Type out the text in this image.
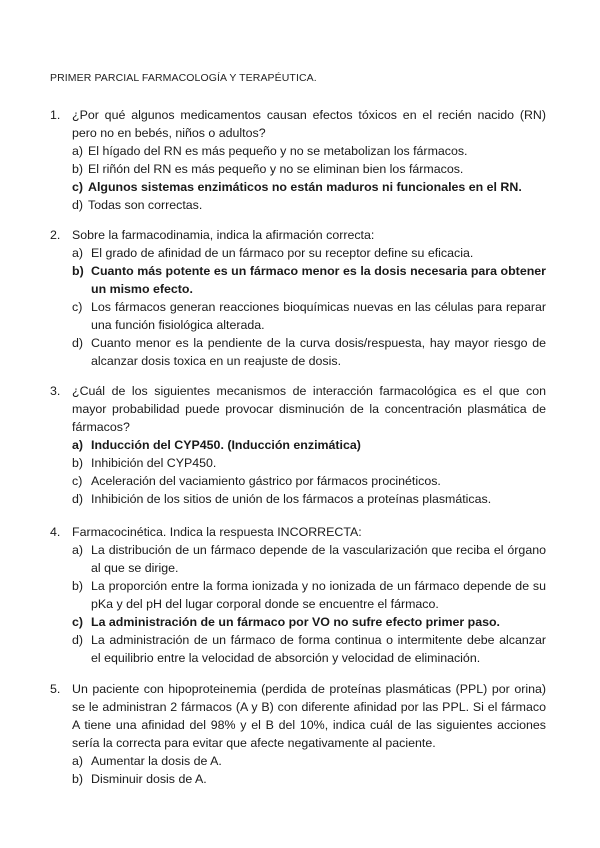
PRIMER PARCIAL FARMACOLOGÍA Y TERAPÉUTICA.
1. ¿Por qué algunos medicamentos causan efectos tóxicos en el recién nacido (RN) pero no en bebés, niños o adultos?
a) El hígado del RN es más pequeño y no se metabolizan los fármacos.
b) El riñón del RN es más pequeño y no se eliminan bien los fármacos.
c) Algunos sistemas enzimáticos no están maduros ni funcionales en el RN.
d) Todas son correctas.
2. Sobre la farmacodinamia, indica la afirmación correcta:
a) El grado de afinidad de un fármaco por su receptor define su eficacia.
b) Cuanto más potente es un fármaco menor es la dosis necesaria para obtener un mismo efecto.
c) Los fármacos generan reacciones bioquímicas nuevas en las células para reparar una función fisiológica alterada.
d) Cuanto menor es la pendiente de la curva dosis/respuesta, hay mayor riesgo de alcanzar dosis toxica en un reajuste de dosis.
3. ¿Cuál de los siguientes mecanismos de interacción farmacológica es el que con mayor probabilidad puede provocar disminución de la concentración plasmática de fármacos?
a) Inducción del CYP450. (Inducción enzimática)
b) Inhibición del CYP450.
c) Aceleración del vaciamiento gástrico por fármacos procinéticos.
d) Inhibición de los sitios de unión de los fármacos a proteínas plasmáticas.
4. Farmacocinética. Indica la respuesta INCORRECTA:
a) La distribución de un fármaco depende de la vascularización que reciba el órgano al que se dirige.
b) La proporción entre la forma ionizada y no ionizada de un fármaco depende de su pKa y del pH del lugar corporal donde se encuentre el fármaco.
c) La administración de un fármaco por VO no sufre efecto primer paso.
d) La administración de un fármaco de forma continua o intermitente debe alcanzar el equilibrio entre la velocidad de absorción y velocidad de eliminación.
5. Un paciente con hipoproteinemia (perdida de proteínas plasmáticas (PPL) por orina) se le administran 2 fármacos (A y B) con diferente afinidad por las PPL. Si el fármaco A tiene una afinidad del 98% y el B del 10%, indica cuál de las siguientes acciones sería la correcta para evitar que afecte negativamente al paciente.
a) Aumentar la dosis de A.
b) Disminuir dosis de A.
